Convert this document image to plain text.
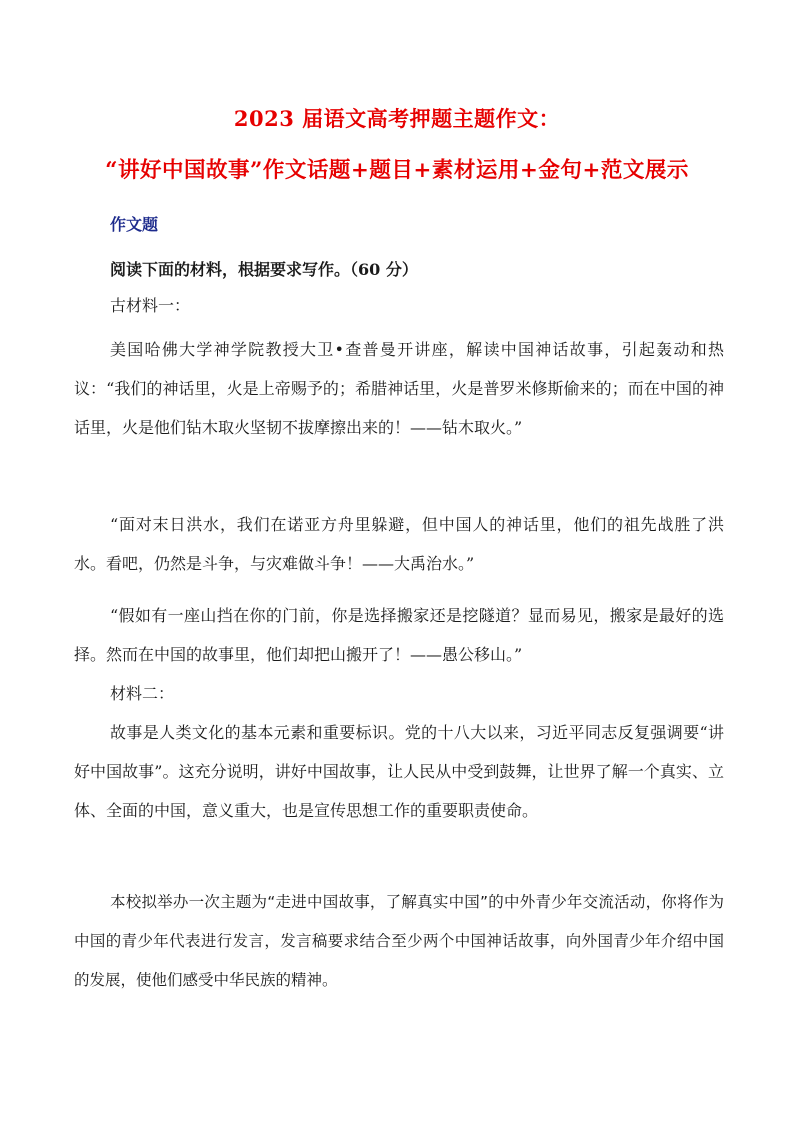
2023 届语文高考押题主题作文：
“讲好中国故事”作文话题+题目+素材运用+金句+范文展示
作文题
阅读下面的材料，根据要求写作。（60 分）
古材料一：
美国哈佛大学神学院教授大卫•查普曼开讲座，解读中国神话故事，引起轰动和热议：“我们的神话里，火是上帝赐予的；希腊神话里，火是普罗米修斯偷来的；而在中国的神话里，火是他们钻木取火坚韧不拔摩擦出来的！——钻木取火。”
“面对末日洪水，我们在诺亚方舟里躲避，但中国人的神话里，他们的祖先战胜了洪水。看吧，仍然是斗争，与灾难做斗争！——大禹治水。”
“假如有一座山挡在你的门前，你是选择搬家还是挖隧道？显而易见，搬家是最好的选择。然而在中国的故事里，他们却把山搬开了！——愚公移山。”
材料二：
故事是人类文化的基本元素和重要标识。党的十八大以来，习近平同志反复强调要“讲好中国故事”。这充分说明，讲好中国故事，让人民从中受到鼓舞，让世界了解一个真实、立体、全面的中国，意义重大，也是宣传思想工作的重要职责使命。
本校拟举办一次主题为“走进中国故事，了解真实中国”的中外青少年交流活动，你将作为中国的青少年代表进行发言，发言稿要求结合至少两个中国神话故事，向外国青少年介绍中国的发展，使他们感受中华民族的精神。
